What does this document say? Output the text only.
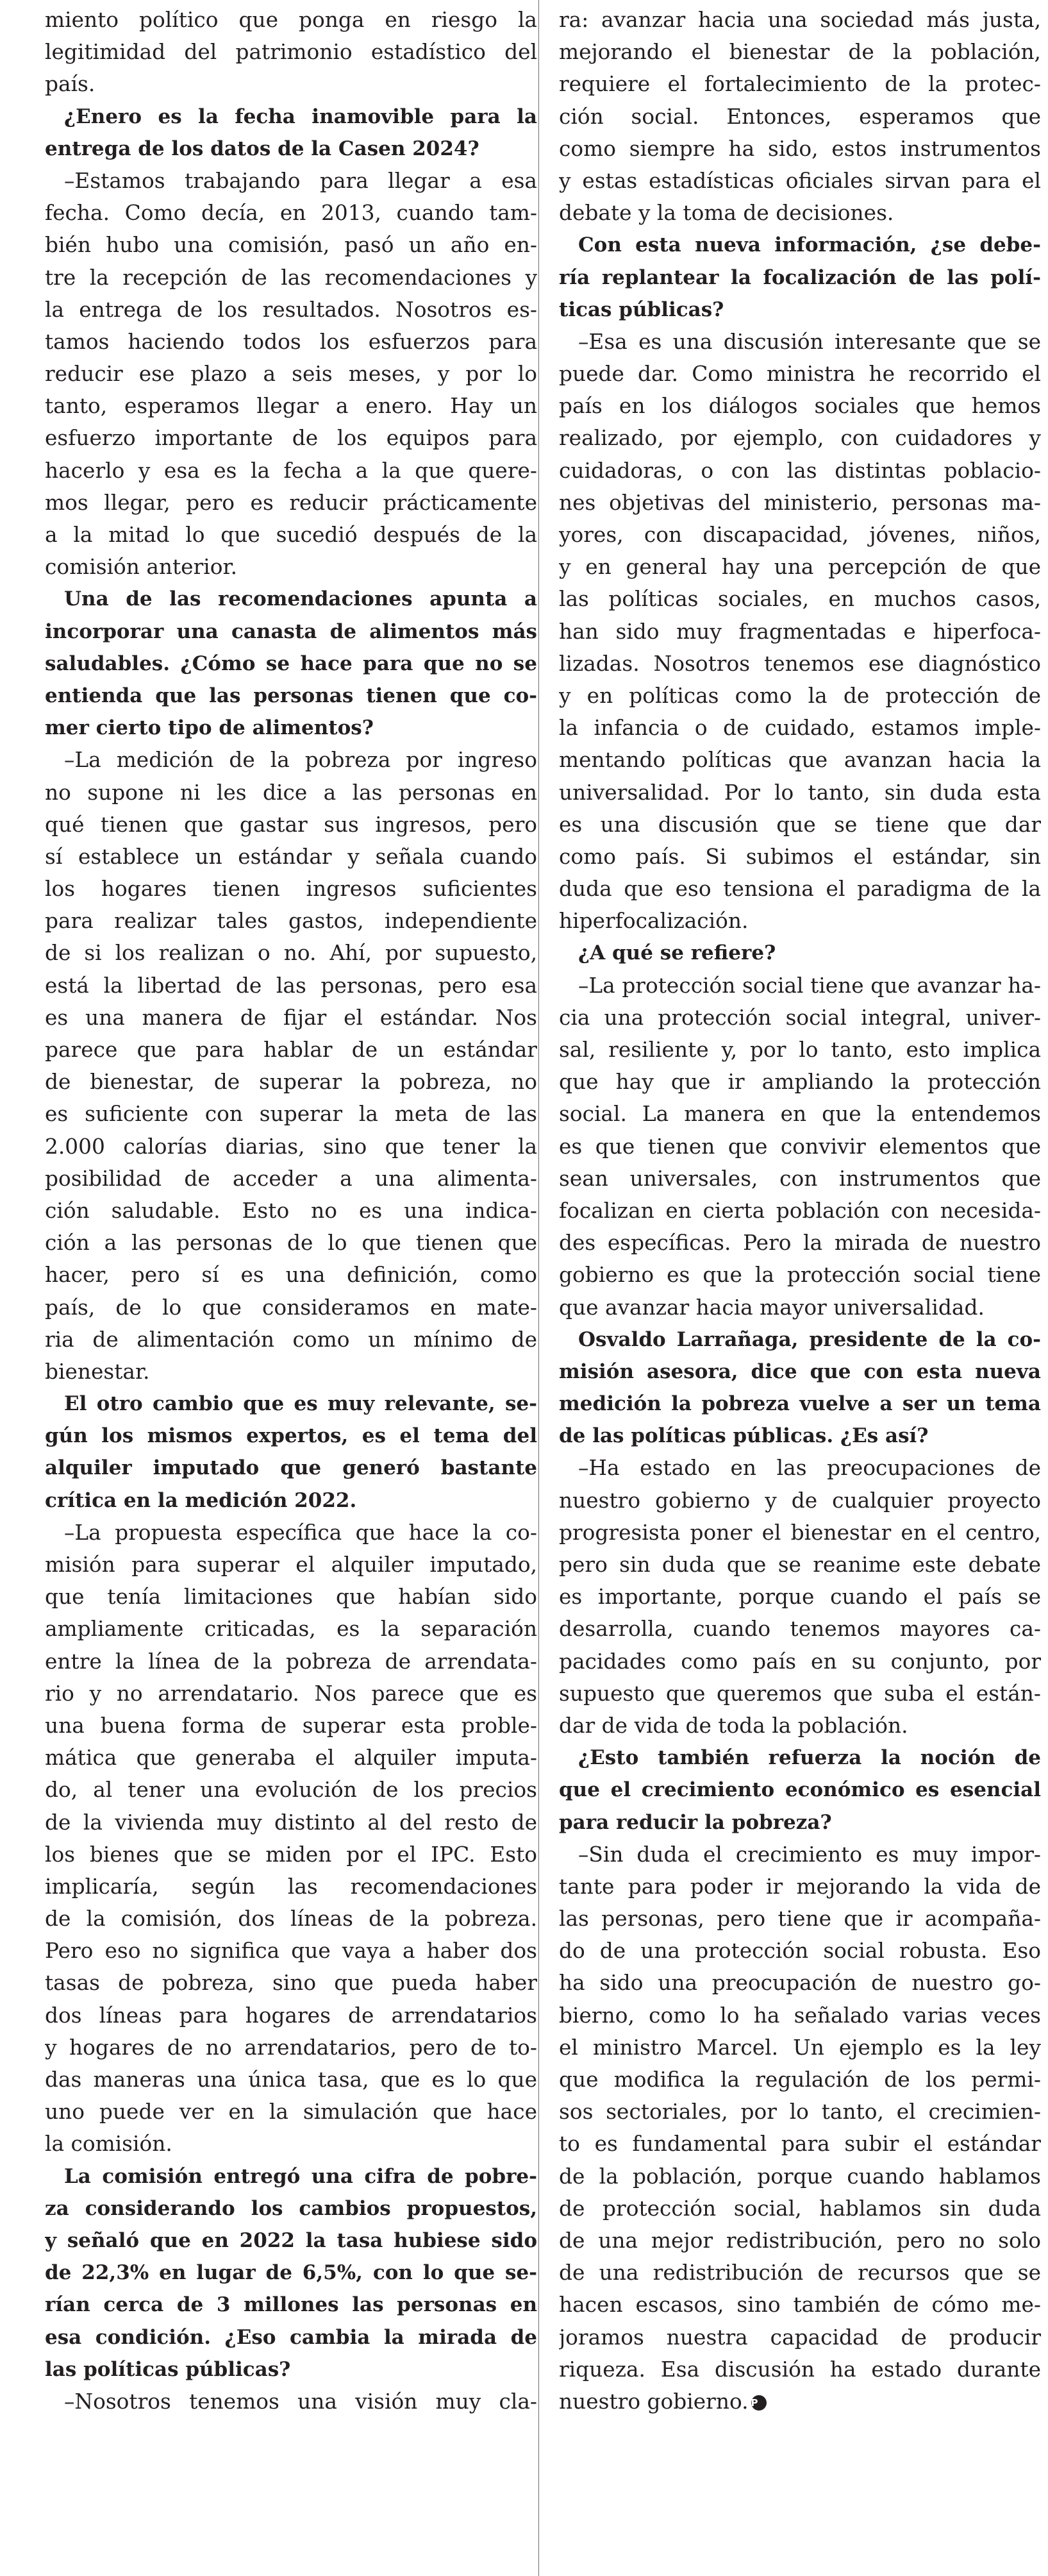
miento político que ponga en riesgo la
legitimidad del patrimonio estadístico del
país.
¿Enero es la fecha inamovible para la
entrega de los datos de la Casen 2024?
–Estamos trabajando para llegar a esa
fecha. Como decía, en 2013, cuando tam-
bién hubo una comisión, pasó un año en-
tre la recepción de las recomendaciones y
la entrega de los resultados. Nosotros es-
tamos haciendo todos los esfuerzos para
reducir ese plazo a seis meses, y por lo
tanto, esperamos llegar a enero. Hay un
esfuerzo importante de los equipos para
hacerlo y esa es la fecha a la que quere-
mos llegar, pero es reducir prácticamente
a la mitad lo que sucedió después de la
comisión anterior.
Una de las recomendaciones apunta a
incorporar una canasta de alimentos más
saludables. ¿Cómo se hace para que no se
entienda que las personas tienen que co-
mer cierto tipo de alimentos?
–La medición de la pobreza por ingreso
no supone ni les dice a las personas en
qué tienen que gastar sus ingresos, pero
sí establece un estándar y señala cuando
los hogares tienen ingresos suficientes
para realizar tales gastos, independiente
de si los realizan o no. Ahí, por supuesto,
está la libertad de las personas, pero esa
es una manera de fijar el estándar. Nos
parece que para hablar de un estándar
de bienestar, de superar la pobreza, no
es suficiente con superar la meta de las
2.000 calorías diarias, sino que tener la
posibilidad de acceder a una alimenta-
ción saludable. Esto no es una indica-
ción a las personas de lo que tienen que
hacer, pero sí es una definición, como
país, de lo que consideramos en mate-
ria de alimentación como un mínimo de
bienestar.
El otro cambio que es muy relevante, se-
gún los mismos expertos, es el tema del
alquiler imputado que generó bastante
crítica en la medición 2022.
–La propuesta específica que hace la co-
misión para superar el alquiler imputado,
que tenía limitaciones que habían sido
ampliamente criticadas, es la separación
entre la línea de la pobreza de arrendata-
rio y no arrendatario. Nos parece que es
una buena forma de superar esta proble-
mática que generaba el alquiler imputa-
do, al tener una evolución de los precios
de la vivienda muy distinto al del resto de
los bienes que se miden por el IPC. Esto
implicaría, según las recomendaciones
de la comisión, dos líneas de la pobreza.
Pero eso no significa que vaya a haber dos
tasas de pobreza, sino que pueda haber
dos líneas para hogares de arrendatarios
y hogares de no arrendatarios, pero de to-
das maneras una única tasa, que es lo que
uno puede ver en la simulación que hace
la comisión.
La comisión entregó una cifra de pobre-
za considerando los cambios propuestos,
y señaló que en 2022 la tasa hubiese sido
de 22,3% en lugar de 6,5%, con lo que se-
rían cerca de 3 millones las personas en
esa condición. ¿Eso cambia la mirada de
las políticas públicas?
–Nosotros tenemos una visión muy cla-
ra: avanzar hacia una sociedad más justa,
mejorando el bienestar de la población,
requiere el fortalecimiento de la protec-
ción social. Entonces, esperamos que
como siempre ha sido, estos instrumentos
y estas estadísticas oficiales sirvan para el
debate y la toma de decisiones.
Con esta nueva información, ¿se debe-
ría replantear la focalización de las polí-
ticas públicas?
–Esa es una discusión interesante que se
puede dar. Como ministra he recorrido el
país en los diálogos sociales que hemos
realizado, por ejemplo, con cuidadores y
cuidadoras, o con las distintas poblacio-
nes objetivas del ministerio, personas ma-
yores, con discapacidad, jóvenes, niños,
y en general hay una percepción de que
las políticas sociales, en muchos casos,
han sido muy fragmentadas e hiperfoca-
lizadas. Nosotros tenemos ese diagnóstico
y en políticas como la de protección de
la infancia o de cuidado, estamos imple-
mentando políticas que avanzan hacia la
universalidad. Por lo tanto, sin duda esta
es una discusión que se tiene que dar
como país. Si subimos el estándar, sin
duda que eso tensiona el paradigma de la
hiperfocalización.
¿A qué se refiere?
–La protección social tiene que avanzar ha-
cia una protección social integral, univer-
sal, resiliente y, por lo tanto, esto implica
que hay que ir ampliando la protección
social. La manera en que la entendemos
es que tienen que convivir elementos que
sean universales, con instrumentos que
focalizan en cierta población con necesida-
des específicas. Pero la mirada de nuestro
gobierno es que la protección social tiene
que avanzar hacia mayor universalidad.
Osvaldo Larrañaga, presidente de la co-
misión asesora, dice que con esta nueva
medición la pobreza vuelve a ser un tema
de las políticas públicas. ¿Es así?
–Ha estado en las preocupaciones de
nuestro gobierno y de cualquier proyecto
progresista poner el bienestar en el centro,
pero sin duda que se reanime este debate
es importante, porque cuando el país se
desarrolla, cuando tenemos mayores ca-
pacidades como país en su conjunto, por
supuesto que queremos que suba el están-
dar de vida de toda la población.
¿Esto también refuerza la noción de
que el crecimiento económico es esencial
para reducir la pobreza?
–Sin duda el crecimiento es muy impor-
tante para poder ir mejorando la vida de
las personas, pero tiene que ir acompaña-
do de una protección social robusta. Eso
ha sido una preocupación de nuestro go-
bierno, como lo ha señalado varias veces
el ministro Marcel. Un ejemplo es la ley
que modifica la regulación de los permi-
sos sectoriales, por lo tanto, el crecimien-
to es fundamental para subir el estándar
de la población, porque cuando hablamos
de protección social, hablamos sin duda
de una mejor redistribución, pero no solo
de una redistribución de recursos que se
hacen escasos, sino también de cómo me-
joramos nuestra capacidad de producir
riqueza. Esa discusión ha estado durante
nuestro gobierno. P
